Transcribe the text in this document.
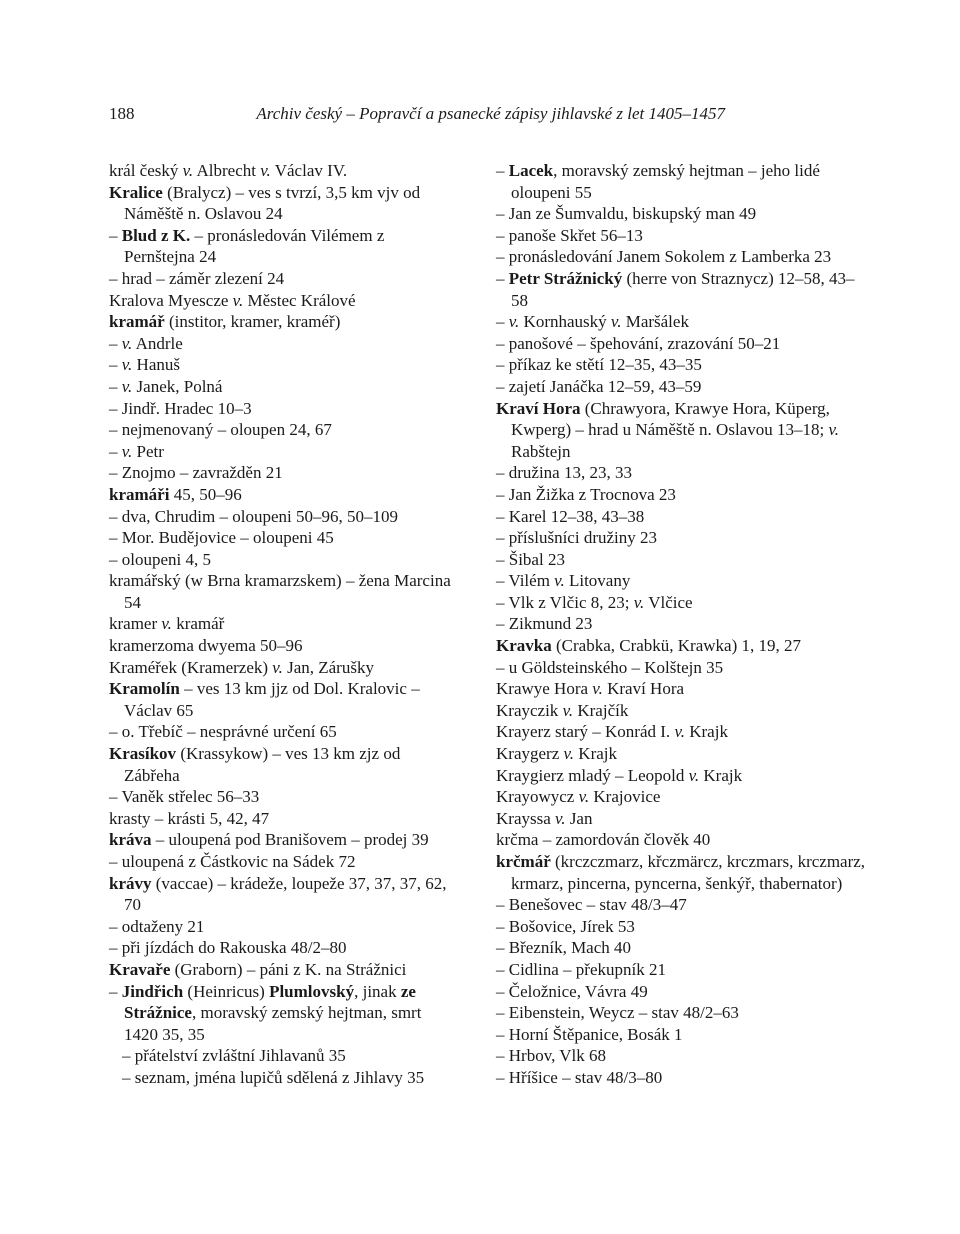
188	Archiv český – Popravčí a psanecké zápisy jihlavské z let 1405–1457

král český v. Albrecht v. Václav IV.

Kralice (Bralycz) – ves s tvrzí, 3,5 km vjv od Náměště n. Oslavou 24

– Blud z K. – pronásledován Vilémem z Pernštejna 24

– hrad – záměr zlezení 24

Kralova Myescze v. Městec Králové

kramář (institor, kramer, kraméř)

– v. Andrle

– v. Hanuš

– v. Janek, Polná

– Jindř. Hradec 10–3

– nejmenovaný – oloupen 24, 67

– v. Petr

– Znojmo – zavražděn 21

kramáři 45, 50–96

– dva, Chrudim – oloupeni 50–96, 50–109

– Mor. Budějovice – oloupeni 45

– oloupeni 4, 5

kramářský (w Brna kramarzskem) – žena Marcina 54

kramer v. kramář

kramerzoma dwyema 50–96

Kraméřek (Kramerzek) v. Jan, Zárušky

Kramolín – ves 13 km jjz od Dol. Kralovic – Václav 65

– o. Třebíč – nesprávné určení 65

Krasíkov (Krassykow) – ves 13 km zjz od Zábřeha

– Vaněk střelec 56–33

krasty – krásti 5, 42, 47

kráva – uloupená pod Branišovem – prodej 39

– uloupená z Částkovic na Sádek 72

krávy (vaccae) – krádeže, loupeže 37, 37, 37, 62, 70

– odtaženy 21

– při jízdách do Rakouska 48/2–80

Kravaře (Graborn) – páni z K. na Strážnici

– Jindřich (Heinricus) Plumlovský, jinak ze Strážnice, moravský zemský hejtman, smrt 1420 35, 35

– přátelství zvláštní Jihlavanů 35

– seznam, jména lupičů sdělená z Jihlavy 35

– Lacek, moravský zemský hejtman – jeho lidé oloupeni 55

– Jan ze Šumvaldu, biskupský man 49

– panoše Skřet 56–13

– pronásledování Janem Sokolem z Lamberka 23

– Petr Strážnický (herre von Straznycz) 12–58, 43–58

– v. Kornhauský v. Maršálek

– panošové – špehování, zrazování 50–21

– příkaz ke stětí 12–35, 43–35

– zajetí Janáčka 12–59, 43–59

Kraví Hora (Chrawyora, Krawye Hora, Küperg, Kwperg) – hrad u Náměště n. Oslavou 13–18; v. Rabštejn

– družina 13, 23, 33

– Jan Žižka z Trocnova 23

– Karel 12–38, 43–38

– příslušníci družiny 23

– Šibal 23

– Vilém v. Litovany

– Vlk z Vlčic 8, 23; v. Vlčice

– Zikmund 23

Kravka (Crabka, Crabkü, Krawka) 1, 19, 27

– u Göldsteinského – Kolštejn 35

Krawye Hora v. Kraví Hora

Krayczik v. Krajčík

Krayerz starý – Konrád I. v. Krajk

Kraygerz v. Krajk

Kraygierz mladý – Leopold v. Krajk

Krayowycz v. Krajovice

Krayssa v. Jan

krčma – zamordován člověk 40

krčmář (krczczmarz, křczmärcz, krczmars, krczmarz, krmarz, pincerna, pyncerna, šenkýř, thabernator)

– Benešovec – stav 48/3–47

– Bošovice, Jírek 53

– Březník, Mach 40

– Cidlina – překupník 21

– Čeložnice, Vávra 49

– Eibenstein, Weycz – stav 48/2–63

– Horní Štěpanice, Bosák 1

– Hrbov, Vlk 68

– Hříšice – stav 48/3–80
